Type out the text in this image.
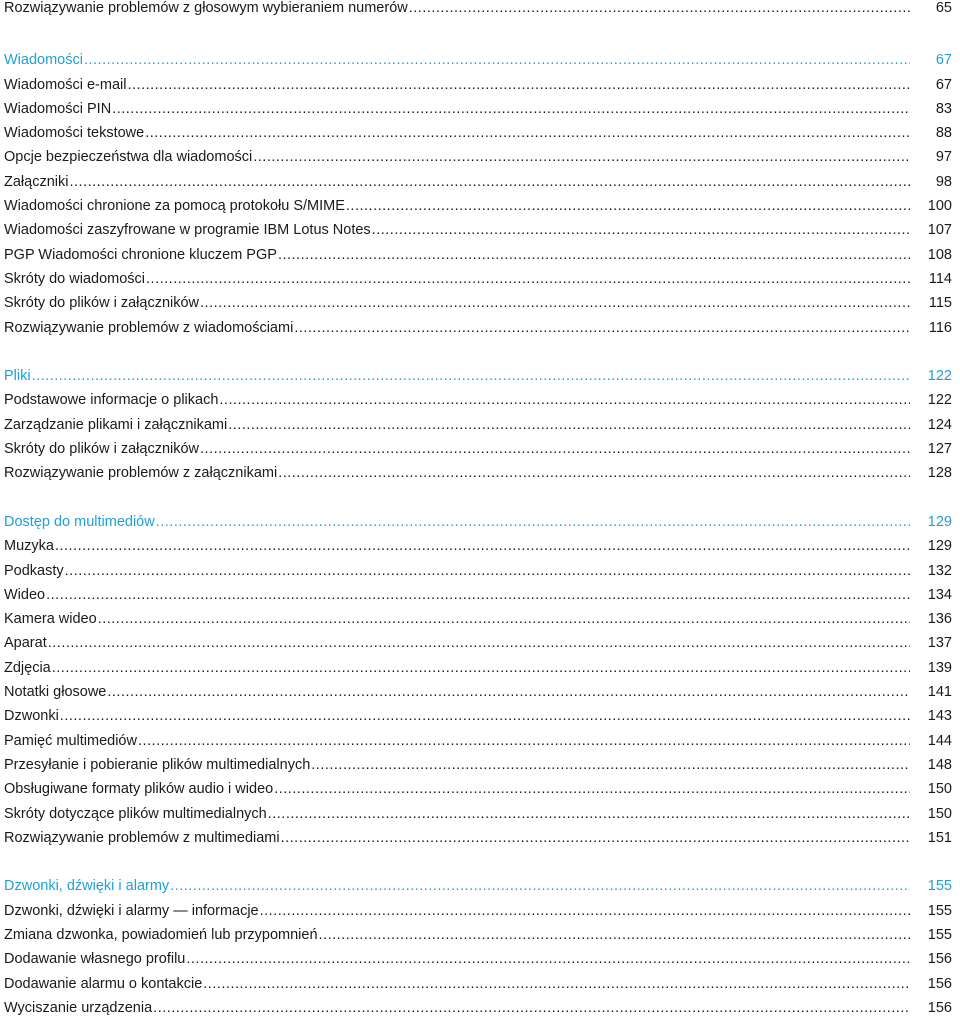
Rozwiązywanie problemów z głosowym wybieraniem numerów .....	65
Wiadomości .....	67
Wiadomości e-mail .....	67
Wiadomości PIN .....	83
Wiadomości tekstowe .....	88
Opcje bezpieczeństwa dla wiadomości .....	97
Załączniki .....	98
Wiadomości chronione za pomocą protokołu S/MIME .....	100
Wiadomości zaszyfrowane w programie IBM Lotus Notes .....	107
PGP Wiadomości chronione kluczem PGP .....	108
Skróty do wiadomości .....	114
Skróty do plików i załączników .....	115
Rozwiązywanie problemów z wiadomościami .....	116
Pliki .....	122
Podstawowe informacje o plikach .....	122
Zarządzanie plikami i załącznikami .....	124
Skróty do plików i załączników .....	127
Rozwiązywanie problemów z załącznikami .....	128
Dostęp do multimediów .....	129
Muzyka .....	129
Podkasty .....	132
Wideo .....	134
Kamera wideo .....	136
Aparat .....	137
Zdjęcia .....	139
Notatki głosowe .....	141
Dzwonki .....	143
Pamięć multimediów .....	144
Przesyłanie i pobieranie plików multimedialnych .....	148
Obsługiwane formaty plików audio i wideo .....	150
Skróty dotyczące plików multimedialnych .....	150
Rozwiązywanie problemów z multimediami .....	151
Dzwonki, dźwięki i alarmy .....	155
Dzwonki, dźwięki i alarmy — informacje .....	155
Zmiana dzwonka, powiadomień lub przypomnień .....	155
Dodawanie własnego profilu .....	156
Dodawanie alarmu o kontakcie .....	156
Wyciszanie urządzenia .....	156
